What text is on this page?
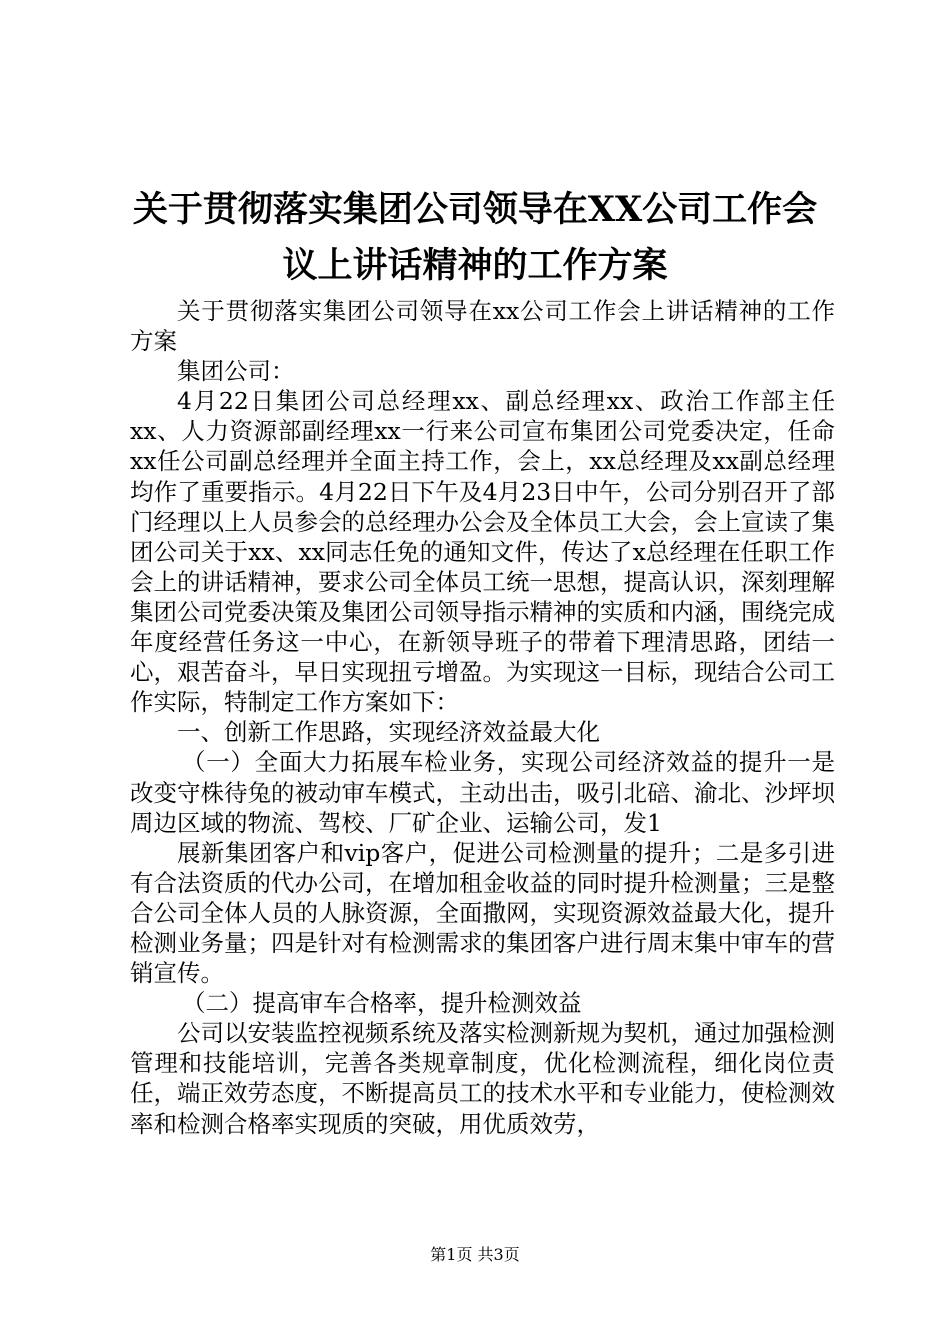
关于贯彻落实集团公司领导在XX公司工作会
议上讲话精神的工作方案

关于贯彻落实集团公司领导在xx公司工作会上讲话精神的工作方案

集团公司：

4月22日集团公司总经理xx、副总经理xx、政治工作部主任xx、人力资源部副经理xx一行来公司宣布集团公司党委决定，任命xx任公司副总经理并全面主持工作，会上，xx总经理及xx副总经理均作了重要指示。4月22日下午及4月23日中午，公司分别召开了部门经理以上人员参会的总经理办公会及全体员工大会，会上宣读了集团公司关于xx、xx同志任免的通知文件，传达了x总经理在任职工作会上的讲话精神，要求公司全体员工统一思想，提高认识，深刻理解集团公司党委决策及集团公司领导指示精神的实质和内涵，围绕完成年度经营任务这一中心，在新领导班子的带着下理清思路，团结一心，艰苦奋斗，早日实现扭亏增盈。为实现这一目标，现结合公司工作实际，特制定工作方案如下：

一、创新工作思路，实现经济效益最大化

（一）全面大力拓展车检业务，实现公司经济效益的提升一是改变守株待兔的被动审车模式，主动出击，吸引北碚、渝北、沙坪坝周边区域的物流、驾校、厂矿企业、运输公司，发1

展新集团客户和vip客户，促进公司检测量的提升；二是多引进有合法资质的代办公司，在增加租金收益的同时提升检测量；三是整合公司全体人员的人脉资源，全面撒网，实现资源效益最大化，提升检测业务量；四是针对有检测需求的集团客户进行周末集中审车的营销宣传。

（二）提高审车合格率，提升检测效益

公司以安装监控视频系统及落实检测新规为契机，通过加强检测管理和技能培训，完善各类规章制度，优化检测流程，细化岗位责任，端正效劳态度，不断提高员工的技术水平和专业能力，使检测效率和检测合格率实现质的突破，用优质效劳，

第1页 共3页
